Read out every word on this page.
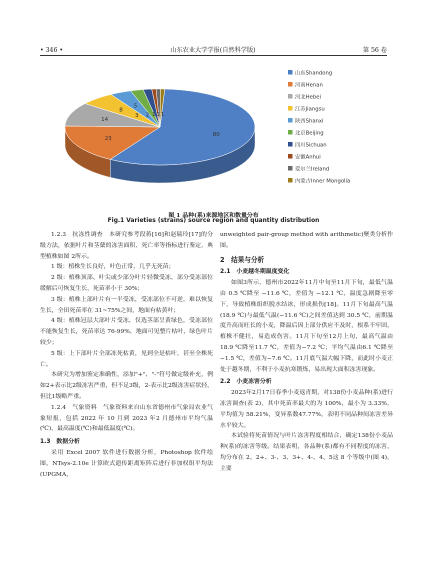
• 346 •	山东农业大学学报(自然科学版)	第 56 卷
80
23
14
8
5
3 2 1 1 1
山东Shandong
河南Henan
河北Hebei
江苏Jiangsu
陕西Shanxi
北京Beijing
四川Sichuan
安徽Anhui
爱尔兰Ireland
内蒙古Inner Mongolia
图 1 品种(系)来源地区和数量分布
Fig.1 Varieties (strains) source region and quantity distribution

1.2.3　抗冻性调查　本研究参考段蒋[16]和赵瑞玲[17]的分级方法，依据叶片和茎蘖的冻害面积、死亡率等指标进行鉴定，典型植株如图 2所示。

1 级：植株生长良好，叶色正常，几乎无死苗；

2 级：植株顶部、叶尖或少部分叶片轻微受冻，部分受冻部位缓解后可恢复生长，死苗率小于 30%；

3 级：植株上部叶片有一半受冻，受冻部位不可逆，难以恢复生长，全田死苗率在 31~75%之间，地面有枯黄叶；

4 级：植株冠层大部叶片受冻，仅选茎部呈黄绿色，受冻部位不能恢复生长，死苗率达 76-99%，地面可见整片枯叶，绿色叶片较少；

5 级：上下部叶片全部冻死枯黄，见到全是枯叶，甚至全株死亡。

本研究为增加鉴定准确性，添加"+"、"-"符号做定级补充，例如2+表示比2级冻害严重，但不足3级，2-表示比2级冻害症状轻，但比1级略严重。

1.2.4　气象资料　气象资料来自山东省德州市气象局农业气象短报，包括 2022 年 10 月到 2023 年2 月德州市平均气温(℃)、最高温度(℃)和最低温度(℃)。

1.3　数据分析

采用 Excel 2007 软件进行数据分析，Photoshop 软件绘图，NTsys-2.10e 计算欧式遗传距离矩阵后进行非加权组平均法(UPGMA，

unweighted pair-group method with arithmetic)聚类分析作图。

2　结果与分析

2.1　小麦越冬期温度变化

如图3所示，德州市2022年11月中旬至11月下旬，最低气温由 0.5 ℃降至 −11.6 ℃，差值为 −12.1 ℃，温度急剧降至零下，导致植株组织脱水结冰，形成损伤[18]。11月下旬最高气温(18.9 ℃)与最低气温(−11.6 ℃)之间差值达到 30.5 ℃，前期温度升高而旺长的小麦，降温后因上部分供应不及时，根系不牢固，植株不健壮，易造成伤害。11月下旬至12月上旬，最高气温由18.9 ℃降至11.7 ℃，差值为−7.2 ℃；平均气温由6.1 ℃降至−1.5 ℃，差值为−7.6 ℃。11月底气温大幅下降，而此时小麦正处于越冬期，不利于小麦抗寒锻炼，易出现大面积冻害现象。

2.2　小麦冻害分析

2023年2月17日春季小麦返青期，对138份小麦品种(系)进行冻害调查(表 2)，其中死苗率最大的为 100%，最小为 3.33%，平均值为 58.21%，变异系数47.77%，表明不同品种间冻害差异水平较大。

本试验将死苗情况与叶片冻害程度相结合，确定138份小麦品种(系)的冻害等级。结果表明，各品种(系)都有不同程度的冻害，均分布在 2、2+、3-、3、3+、4-、4、5这 8 个等级中(图 4)，主要
